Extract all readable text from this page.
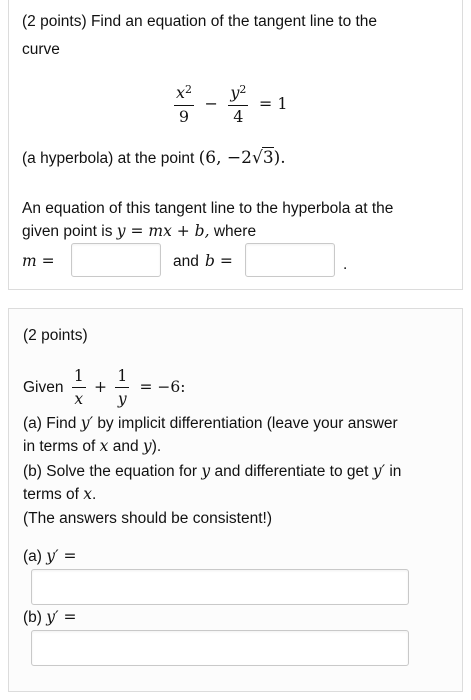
(2 points) Find an equation of the tangent line to the
curve
$\frac{x^2}{9} - \frac{y^2}{4} = 1$
(a hyperbola) at the point (6, −2√3).
An equation of this tangent line to the hyperbola at the
given point is y = mx + b, where
m =	and b =	.
(2 points)
Given $\frac{1}{x} + \frac{1}{y} = -6$:
(a) Find y′ by implicit differentiation (leave your answer
in terms of x and y).
(b) Solve the equation for y and differentiate to get y′ in
terms of x.
(The answers should be consistent!)
(a) y′ =
(b) y′ =
